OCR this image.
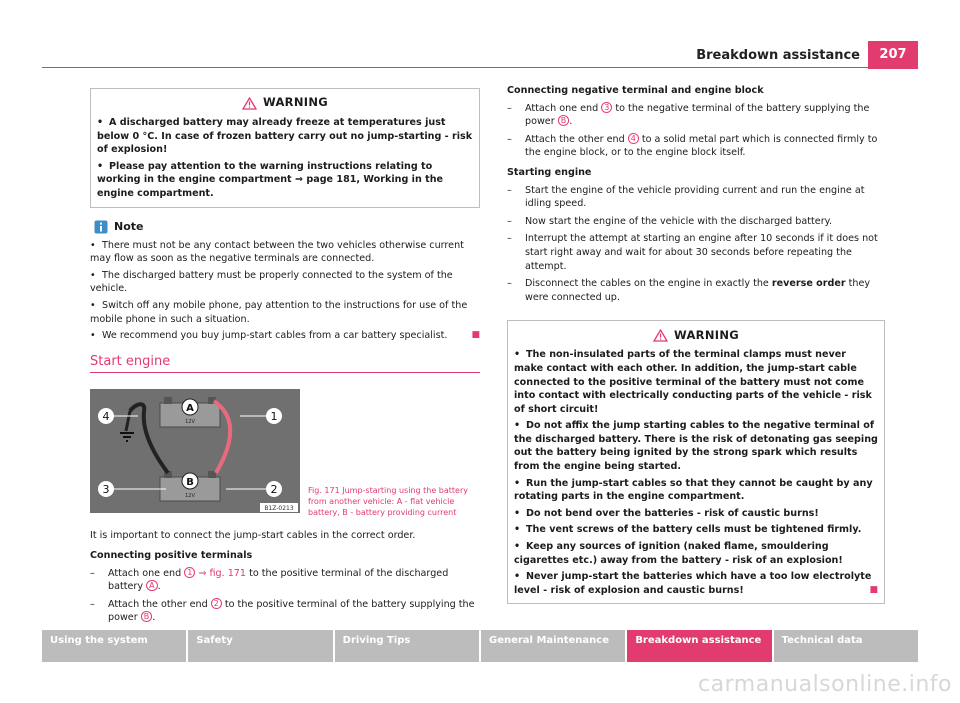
Breakdown assistance	207
WARNING

• A discharged battery may already freeze at temperatures just below 0 °C. In case of frozen battery carry out no jump-starting - risk of explosion!

• Please pay attention to the warning instructions relating to working in the engine compartment ⇒ page 181, Working in the engine compartment.

Note

• There must not be any contact between the two vehicles otherwise current may flow as soon as the negative terminals are connected.

• The discharged battery must be properly connected to the system of the vehicle.

• Switch off any mobile phone, pay attention to the instructions for use of the mobile phone in such a situation.

• We recommend you buy jump-start cables from a car battery specialist.	■

Start engine
A
B
12V
12V
4	1
3	2
B1Z-0213
Fig. 171 Jump-starting using the battery from another vehicle: A - flat vehicle battery, B - battery providing current

It is important to connect the jump-start cables in the correct order.

Connecting positive terminals

–	Attach one end 1 ⇒ fig. 171 to the positive terminal of the discharged battery A .
–	Attach the other end 2 to the positive terminal of the battery supplying the power B .

Connecting negative terminal and engine block

–	Attach one end 3 to the negative terminal of the battery supplying the power B .
–	Attach the other end 4 to a solid metal part which is connected firmly to the engine block, or to the engine block itself.

Starting engine

–	Start the engine of the vehicle providing current and run the engine at idling speed.
–	Now start the engine of the vehicle with the discharged battery.
–	Interrupt the attempt at starting an engine after 10 seconds if it does not start right away and wait for about 30 seconds before repeating the attempt.
–	Disconnect the cables on the engine in exactly the reverse order they were connected up.
WARNING

• The non-insulated parts of the terminal clamps must never make contact with each other. In addition, the jump-start cable connected to the positive terminal of the battery must not come into contact with electrically conducting parts of the vehicle - risk of short circuit!

• Do not affix the jump starting cables to the negative terminal of the discharged battery. There is the risk of detonating gas seeping out the battery being ignited by the strong spark which results from the engine being started.

• Run the jump-start cables so that they cannot be caught by any rotating parts in the engine compartment.

• Do not bend over the batteries - risk of caustic burns!

• The vent screws of the battery cells must be tightened firmly.

• Keep any sources of ignition (naked flame, smouldering cigarettes etc.) away from the battery - risk of an explosion!

• Never jump-start the batteries which have a too low electrolyte level - risk of explosion and caustic burns!	■

Using the system	Safety	Driving Tips	General Maintenance	Breakdown assistance	Technical data
carmanualsonline.info
